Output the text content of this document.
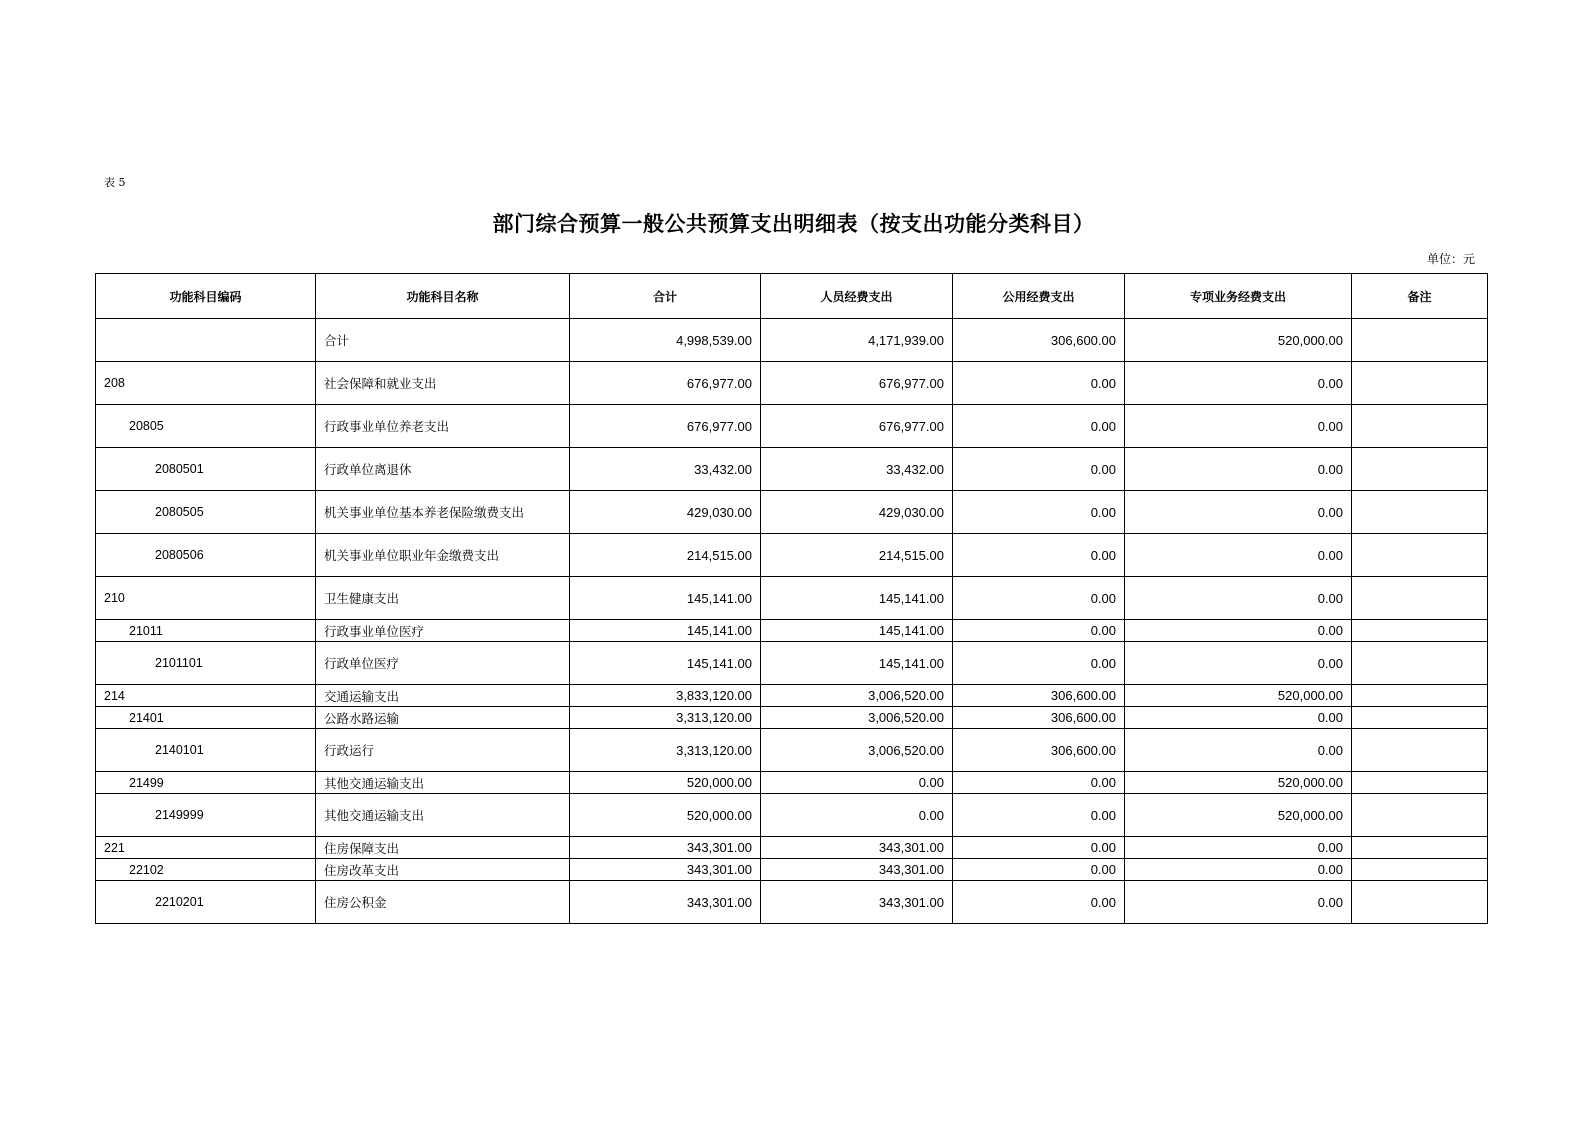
表 5
部门综合预算一般公共预算支出明细表（按支出功能分类科目）
单位：元
功能科目编码	功能科目名称	合计	人员经费支出	公用经费支出	专项业务经费支出	备注
	合计	4,998,539.00	4,171,939.00	306,600.00	520,000.00	
208	社会保障和就业支出	676,977.00	676,977.00	0.00	0.00	
20805	行政事业单位养老支出	676,977.00	676,977.00	0.00	0.00	
2080501	行政单位离退休	33,432.00	33,432.00	0.00	0.00	
2080505	机关事业单位基本养老保险缴费支出	429,030.00	429,030.00	0.00	0.00	
2080506	机关事业单位职业年金缴费支出	214,515.00	214,515.00	0.00	0.00	
210	卫生健康支出	145,141.00	145,141.00	0.00	0.00	
21011	行政事业单位医疗	145,141.00	145,141.00	0.00	0.00	
2101101	行政单位医疗	145,141.00	145,141.00	0.00	0.00	
214	交通运输支出	3,833,120.00	3,006,520.00	306,600.00	520,000.00	
21401	公路水路运输	3,313,120.00	3,006,520.00	306,600.00	0.00	
2140101	行政运行	3,313,120.00	3,006,520.00	306,600.00	0.00	
21499	其他交通运输支出	520,000.00	0.00	0.00	520,000.00	
2149999	其他交通运输支出	520,000.00	0.00	0.00	520,000.00	
221	住房保障支出	343,301.00	343,301.00	0.00	0.00	
22102	住房改革支出	343,301.00	343,301.00	0.00	0.00	
2210201	住房公积金	343,301.00	343,301.00	0.00	0.00	
